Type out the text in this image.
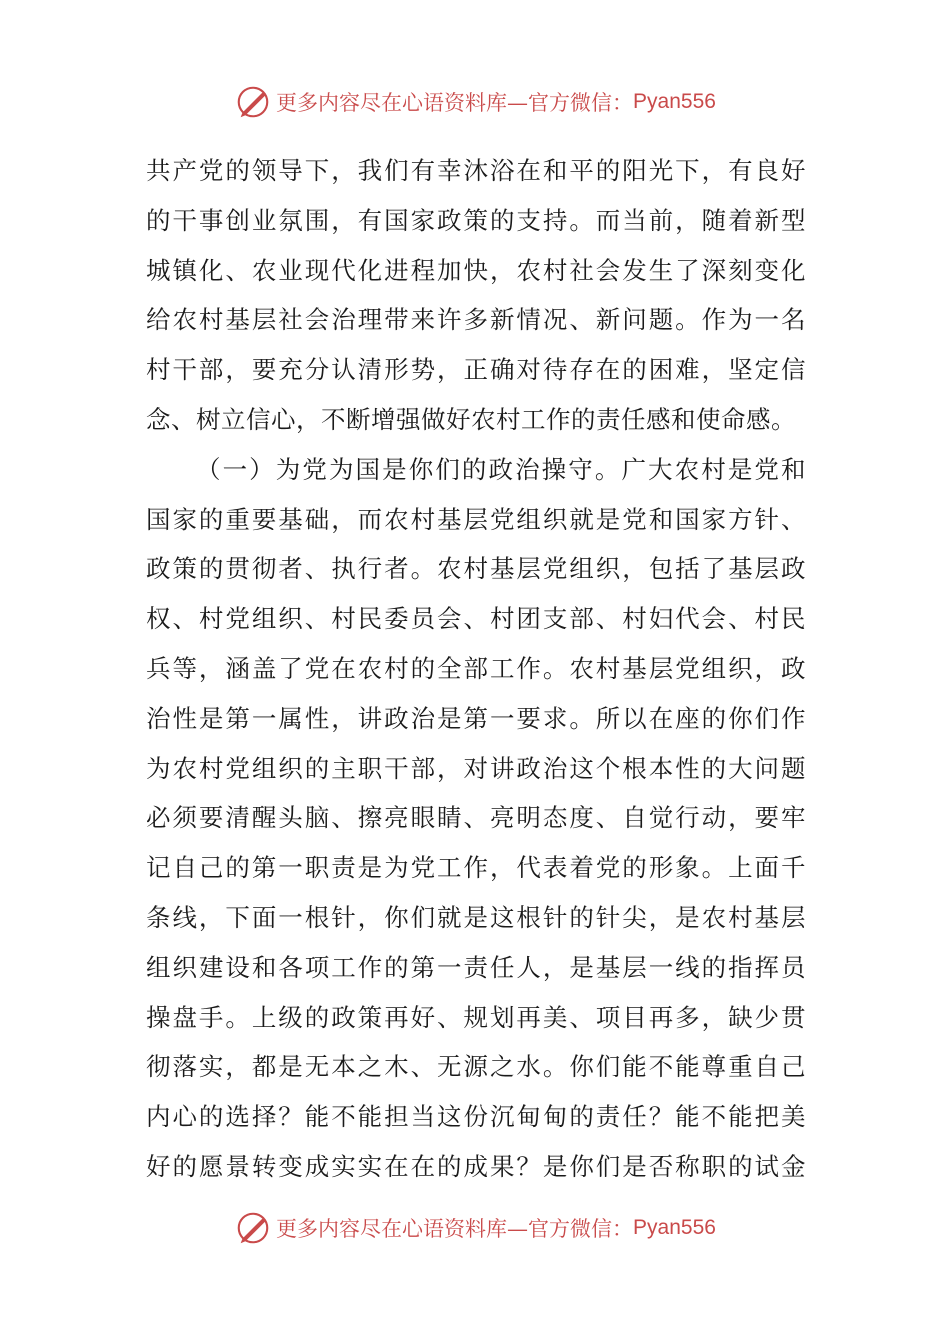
更多内容尽在心语资料库—官方微信： Pyan556
共产党的领导下，我们有幸沐浴在和平的阳光下，有良好
的干事创业氛围，有国家政策的支持。而当前，随着新型
城镇化、农业现代化进程加快，农村社会发生了深刻变化
给农村基层社会治理带来许多新情况、新问题。作为一名
村干部，要充分认清形势，正确对待存在的困难，坚定信
念、树立信心，不断增强做好农村工作的责任感和使命感。
（一）为党为国是你们的政治操守。广大农村是党和
国家的重要基础，而农村基层党组织就是党和国家方针、
政策的贯彻者、执行者。农村基层党组织，包括了基层政
权、村党组织、村民委员会、村团支部、村妇代会、村民
兵等，涵盖了党在农村的全部工作。农村基层党组织，政
治性是第一属性，讲政治是第一要求。所以在座的你们作
为农村党组织的主职干部，对讲政治这个根本性的大问题
必须要清醒头脑、擦亮眼睛、亮明态度、自觉行动，要牢
记自己的第一职责是为党工作，代表着党的形象。上面千
条线，下面一根针，你们就是这根针的针尖，是农村基层
组织建设和各项工作的第一责任人，是基层一线的指挥员
操盘手。上级的政策再好、规划再美、项目再多，缺少贯
彻落实，都是无本之木、无源之水。你们能不能尊重自己
内心的选择？能不能担当这份沉甸甸的责任？能不能把美
好的愿景转变成实实在在的成果？是你们是否称职的试金
更多内容尽在心语资料库—官方微信： Pyan556
